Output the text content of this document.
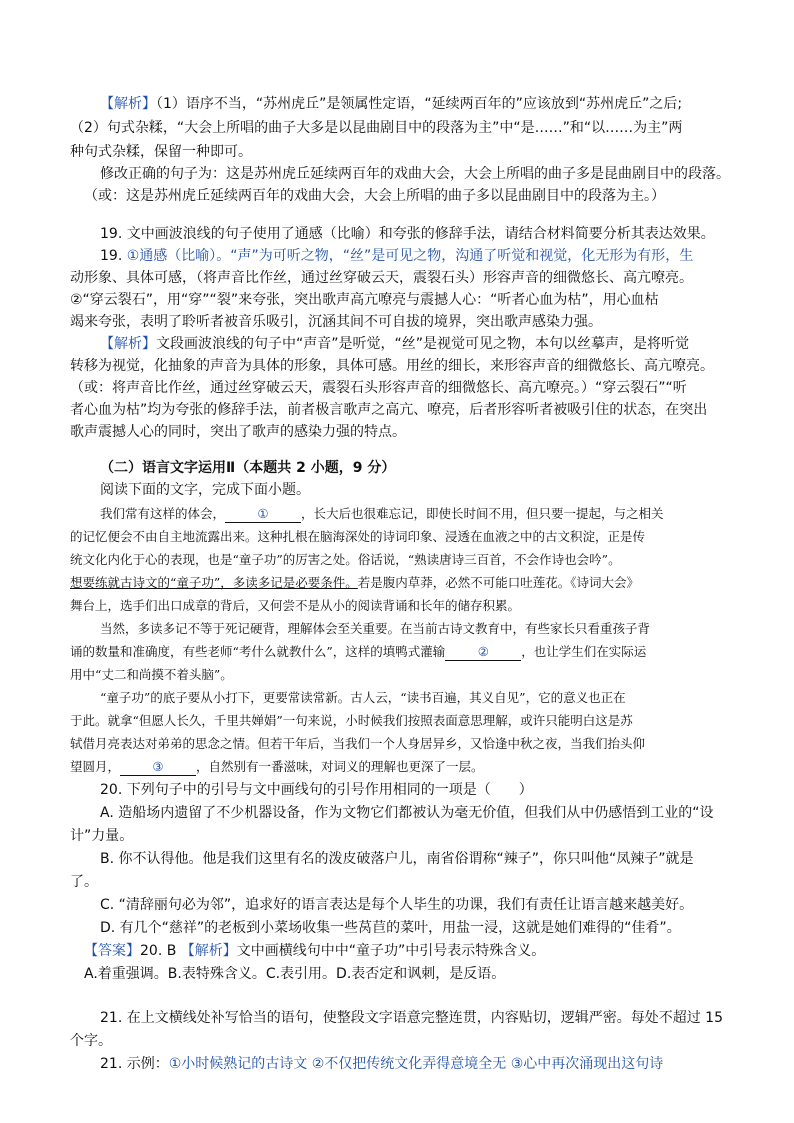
【解析】（1）语序不当，“苏州虎丘”是领属性定语，“延续两百年的”应该放到“苏州虎丘”之后;
（2）句式杂糅，“大会上所唱的曲子大多是以昆曲剧目中的段落为主”中“是……”和“以……为主”两
种句式杂糅，保留一种即可。
修改正确的句子为：这是苏州虎丘延续两百年的戏曲大会，大会上所唱的曲子多是昆曲剧目中的段落。
（或：这是苏州虎丘延续两百年的戏曲大会，大会上所唱的曲子多以昆曲剧目中的段落为主。）
19. 文中画波浪线的句子使用了通感（比喻）和夸张的修辞手法，请结合材料简要分析其表达效果。
19. ①通感（比喻）。“声”为可听之物，“丝”是可见之物，沟通了听觉和视觉，化无形为有形，生
动形象、具体可感，（将声音比作丝，通过丝穿破云天，震裂石头）形容声音的细微悠长、高亢嘹亮。
②“穿云裂石”，用“穿”“裂”来夸张，突出歌声高亢嘹亮与震撼人心：“听者心血为枯”，用心血枯
竭来夸张，表明了聆听者被音乐吸引，沉涵其间不可自拔的境界，突出歌声感染力强。
【解析】文段画波浪线的句子中“声音”是听觉，“丝”是视觉可见之物，本句以丝摹声，是将听觉
转移为视觉，化抽象的声音为具体的形象，具体可感。用丝的细长，来形容声音的细微悠长、高亢嘹亮。
（或：将声音比作丝，通过丝穿破云天，震裂石头形容声音的细微悠长、高亢嘹亮。）“穿云裂石”“听
者心血为枯”均为夸张的修辞手法，前者极言歌声之高亢、嘹亮，后者形容听者被吸引住的状态，在突出
歌声震撼人心的同时，突出了歌声的感染力强的特点。
（二）语言文字运用Ⅱ（本题共 2 小题，9 分）
阅读下面的文字，完成下面小题。
我们常有这样的体会，	①	，长大后也很难忘记，即使长时间不用，但只要一提起，与之相关
的记忆便会不由自主地流露出来。这种扎根在脑海深处的诗词印象、浸透在血液之中的古文积淀，正是传
统文化内化于心的表现，也是“童子功”的厉害之处。俗话说，“熟读唐诗三百首，不会作诗也会吟”。
想要练就古诗文的“童子功”，多读多记是必要条件。若是腹内草莽，必然不可能口吐莲花。《诗词大会》
舞台上，选手们出口成章的背后，又何尝不是从小的阅读背诵和长年的储存积累。
当然，多读多记不等于死记硬背，理解体会至关重要。在当前古诗文教育中，有些家长只看重孩子背
诵的数量和准确度，有些老师“考什么就教什么”，这样的填鸭式灌输	②	，也让学生们在实际运
用中“丈二和尚摸不着头脑”。
“童子功”的底子要从小打下，更要常读常新。古人云，“读书百遍，其义自见”，它的意义也正在
于此。就拿“但愿人长久，千里共婵娟”一句来说，小时候我们按照表面意思理解，或许只能明白这是苏
轼借月亮表达对弟弟的思念之情。但若干年后，当我们一个人身居异乡，又恰逢中秋之夜，当我们抬头仰
望圆月，	③	，自然别有一番滋味，对词义的理解也更深了一层。
20. 下列句子中的引号与文中画线句的引号作用相同的一项是（　　）
A. 造船场内遗留了不少机器设备，作为文物它们都被认为毫无价值，但我们从中仍感悟到工业的“设
计”力量。
B. 你不认得他。他是我们这里有名的泼皮破落户儿，南省俗谓称“辣子”，你只叫他“凤辣子”就是
了。
C. “清辞丽句必为邻”，追求好的语言表达是每个人毕生的功课，我们有责任让语言越来越美好。
D. 有几个“慈祥”的老板到小菜场收集一些莴苣的菜叶，用盐一浸，这就是她们难得的“佳肴”。
【答案】20. B 【解析】文中画横线句中中“童子功”中引号表示特殊含义。
A.着重强调。B.表特殊含义。C.表引用。D.表否定和讽刺，是反语。
21. 在上文横线处补写恰当的语句，使整段文字语意完整连贯，内容贴切，逻辑严密。每处不超过 15
个字。
21. 示例：①小时候熟记的古诗文 ②不仅把传统文化弄得意境全无 ③心中再次涌现出这句诗
